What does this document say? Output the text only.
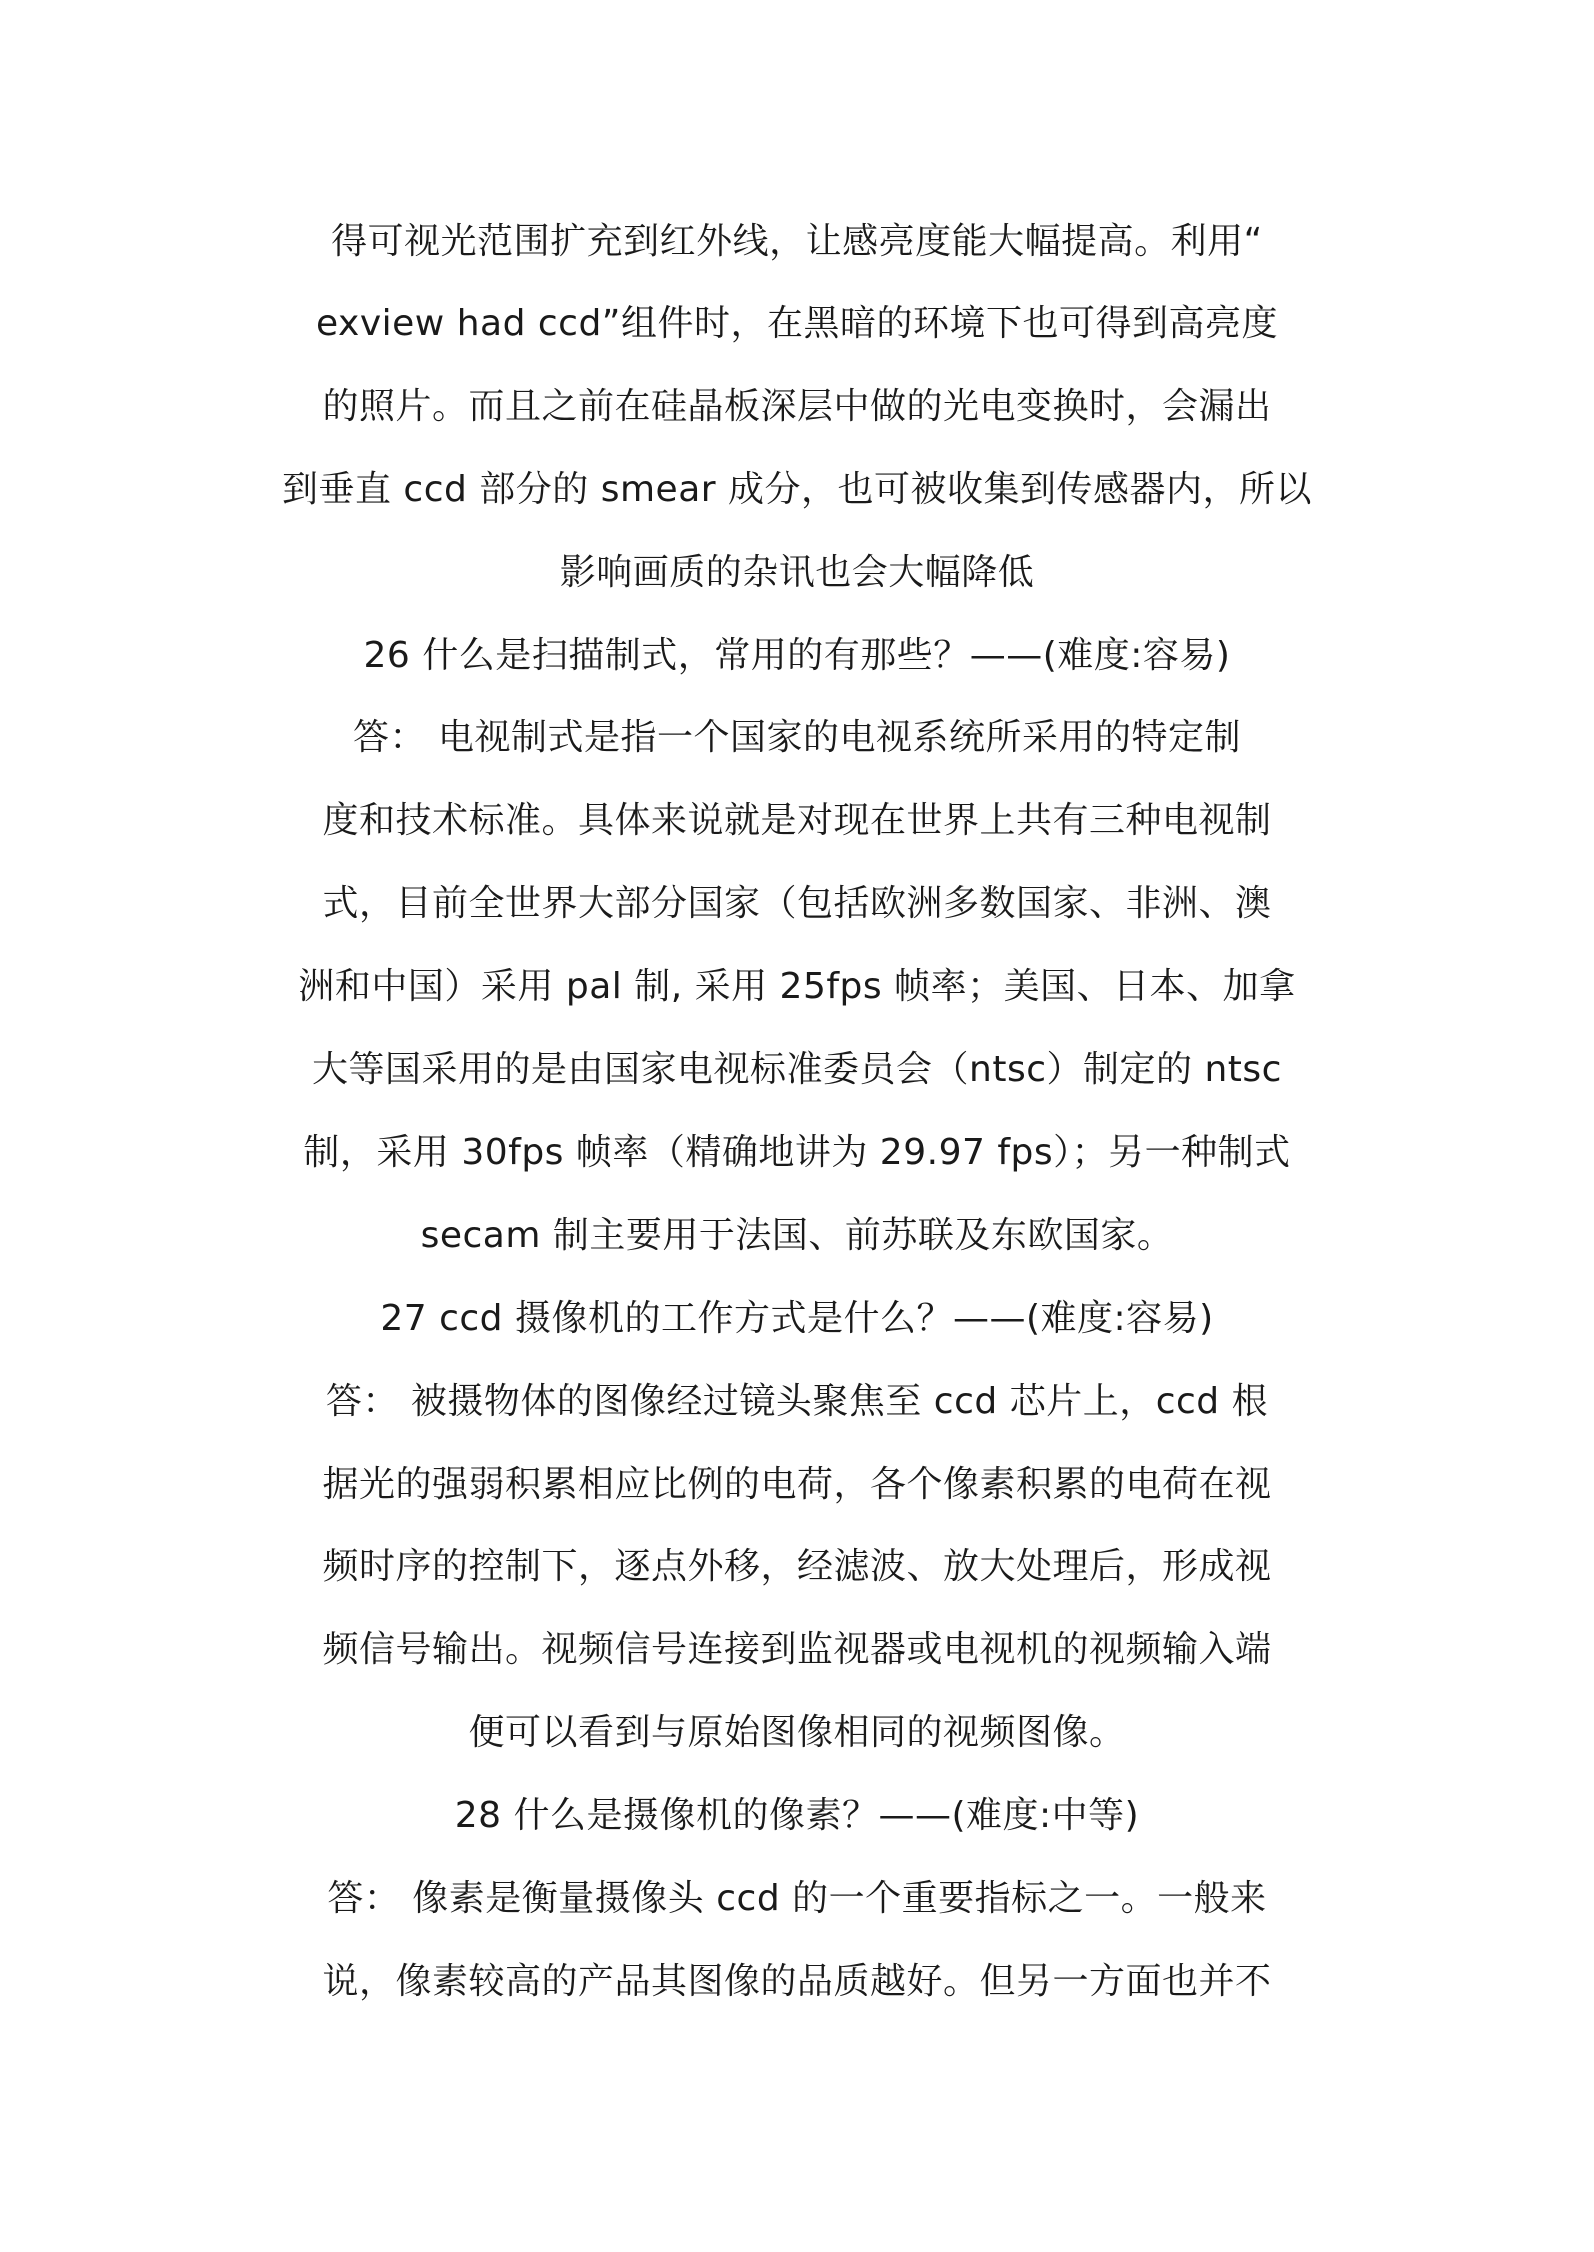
得可视光范围扩充到红外线，让感亮度能大幅提高。利用“
exview had ccd”组件时，在黑暗的环境下也可得到高亮度
的照片。而且之前在硅晶板深层中做的光电变换时，会漏出
到垂直 ccd 部分的 smear 成分，也可被收集到传感器内，所以
影响画质的杂讯也会大幅降低
26 什么是扫描制式，常用的有那些？——(难度:容易)
答： 电视制式是指一个国家的电视系统所采用的特定制
度和技术标准。具体来说就是对现在世界上共有三种电视制
式，目前全世界大部分国家（包括欧洲多数国家、非洲、澳
洲和中国）采用 pal 制, 采用 25fps 帧率；美国、日本、加拿
大等国采用的是由国家电视标准委员会（ntsc）制定的 ntsc
制，采用 30fps 帧率（精确地讲为 29.97 fps）；另一种制式
secam 制主要用于法国、前苏联及东欧国家。
27 ccd 摄像机的工作方式是什么？——(难度:容易)
答： 被摄物体的图像经过镜头聚焦至 ccd 芯片上，ccd 根
据光的强弱积累相应比例的电荷，各个像素积累的电荷在视
频时序的控制下，逐点外移，经滤波、放大处理后，形成视
频信号输出。视频信号连接到监视器或电视机的视频输入端
便可以看到与原始图像相同的视频图像。
28 什么是摄像机的像素？——(难度:中等)
答： 像素是衡量摄像头 ccd 的一个重要指标之一。一般来
说，像素较高的产品其图像的品质越好。但另一方面也并不
